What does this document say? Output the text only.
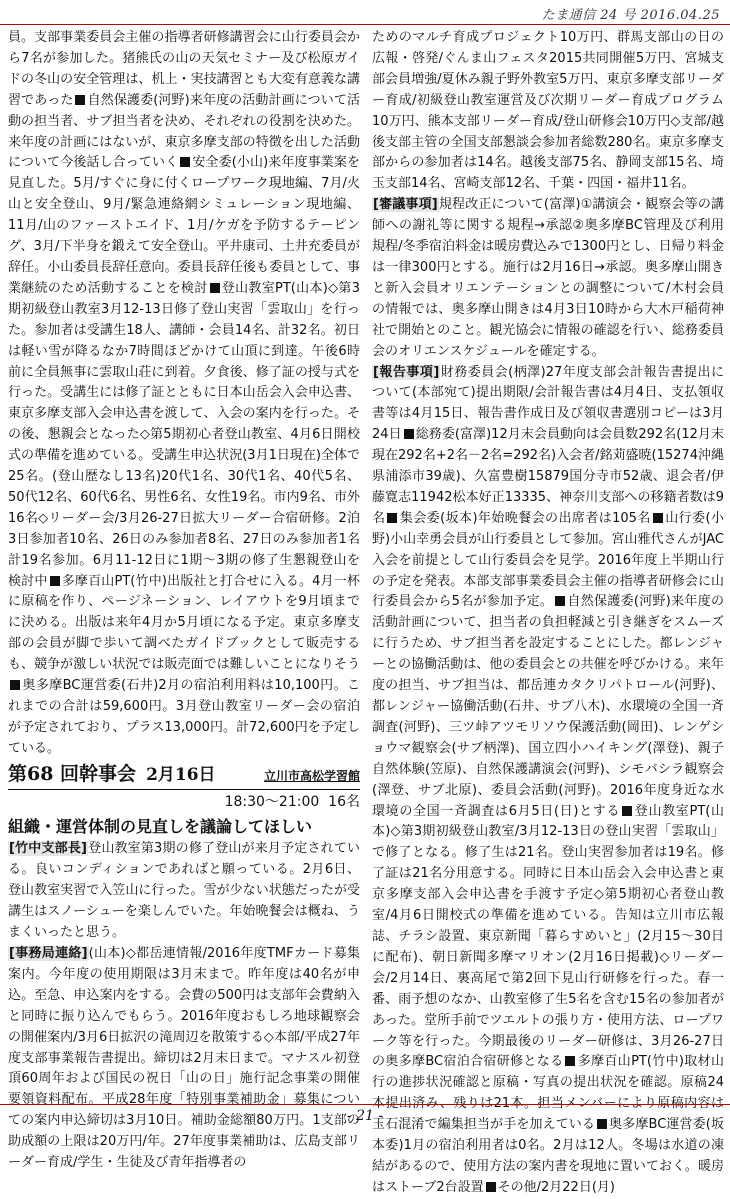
たま通信 24 号 2016.04.25

員。支部事業委員会主催の指導者研修講習会に山行委員会から7名が参加した。猪熊氏の山の天気セミナー及び松原ガイドの冬山の安全管理は、机上・実技講習とも大変有意義な講習であった 自然保護委(河野)来年度の活動計画について活動の担当者、サブ担当者を決め、それぞれの役割を決めた。来年度の計画にはないが、東京多摩支部の特徴を出した活動について今後話し合っていく 安全委(小山)来年度事業案を見直した。5月/すぐに身に付くロープワーク現地編、7月/火山と安全登山、9月/緊急連絡網シミュレーション現地編、11月/山のファーストエイド、1月/ケガを予防するテーピング、3月/下半身を鍛えて安全登山。平井康司、土井充委員が辞任。小山委員長辞任意向。委員長辞任後も委員として、事業継続のため活動することを検討 登山教室PT(山本)◇第3期初級登山教室3月12-13日修了登山実習「雲取山」を行った。参加者は受講生18人、講師・会員14名、計32名。初日は軽い雪が降るなか7時間ほどかけて山頂に到達。午後6時前に全員無事に雲取山荘に到着。夕食後、修了証の授与式を行った。受講生には修了証とともに日本山岳会入会申込書、東京多摩支部入会申込書を渡して、入会の案内を行った。その後、懇親会となった◇第5期初心者登山教室、4月6日開校式の準備を進めている。受講生申込状況(3月1日現在)全体で25名。(登山歴なし13名)20代1名、30代1名、40代5名、50代12名、60代6名、男性6名、女性19名。市内9名、市外16名◇リーダー会/3月26-27日拡大リーダー合宿研修。2泊3日参加者10名、26日のみ参加者8名、27日のみ参加者1名計19名参加。6月11-12日に1期～3期の修了生懇親登山を検討中 多摩百山PT(竹中)出版社と打合せに入る。4月一杯に原稿を作り、ページネーション、レイアウトを9月頃までに決める。出版は来年4月か5月頃になる予定。東京多摩支部の会員が脚で歩いて調べたガイドブックとして販売するも、競争が激しい状況では販売面では難しいことになりそう奥多摩BC運営委(石井)2月の宿泊利用料は10,100円。これまでの合計は59,600円。3月登山教室リーダー会の宿泊が予定されており、プラス13,000円。計72,600円を予定している。

第68 回幹事会 2月16日	立川市高松学習館
18:30～21:00 16名
組織・運営体制の見直しを議論してほしい

[竹中支部長]登山教室第3期の修了登山が来月予定されている。良いコンディションであればと願っている。2月6日、登山教室実習で入笠山に行った。雪が少ない状態だったが受講生はスノーシューを楽しんでいた。年始晩餐会は概ね、うまくいったと思う。

[事務局連絡](山本)◇都岳連情報/2016年度TMFカード募集案内。今年度の使用期限は3月末まで。昨年度は40名が申込。至急、申込案内をする。会費の500円は支部年会費納入と同時に振り込んでもらう。2016年度おもしろ地球観察会の開催案内/3月6日拡沢の滝周辺を散策する◇本部/平成27年度支部事業報告書提出。締切は2月末日まで。マナスル初登頂60周年および国民の祝日「山の日」施行記念事業の開催要領資料配布。平成28年度「特別事業補助金」募集についての案内申込締切は3月10日。補助金総額80万円。1支部の助成額の上限は20万円/年。27年度事業補助は、広島支部リーダー育成/学生・生徒及び青年指導者の

ためのマルチ育成プロジェクト10万円、群馬支部山の日の広報・啓発/ぐんま山フェスタ2015共同開催5万円、宮城支部会員増強/夏休み親子野外教室5万円、東京多摩支部リーダー育成/初級登山教室運営及び次期リーダー育成プログラム10万円、熊本支部リーダー育成/登山研修会10万円◇支部/越後支部主管の全国支部懇談会参加者総数280名。東京多摩支部からの参加者は14名。越後支部75名、静岡支部15名、埼玉支部14名、宮崎支部12名、千葉・四国・福井11名。

[審議事項]規程改正について(富澤)①講演会・観察会等の講師への謝礼等に関する規程→承認②奥多摩BC管理及び利用規程/冬季宿泊料金は暖房費込みで1300円とし、日帰り料金は一律300円とする。施行は2月16日→承認。奥多摩山開きと新入会員オリエンテーションとの調整について/木村会員の情報では、奥多摩山開きは4月3日10時から大木戸稲荷神社で開始とのこと。観光協会に情報の確認を行い、総務委員会のオリエンスケジュールを確定する。

[報告事項]財務委員会(柄澤)27年度支部会計報告書提出について(本部宛て)提出期限/会計報告書は4月4日、支払領収書等は4月15日、報告書作成日及び領収書選別コピーは3月24日 総務委(富澤)12月末会員動向は会員数292名(12月末現在292名+2名－2名=292名)入会者/銘苅盛暁(15274沖縄県浦添市39歳)、久富豊樹15879国分寺市52歳、退会者/伊藤寛志11942松本好正13335、神奈川支部への移籍者数は9名 集会委(坂本)年始晩餐会の出席者は105名 山行委(小野)小山幸勇会員が山行委員として参加。宮山雅代さんがJAC入会を前提として山行委員会を見学。2016年度上半期山行の予定を発表。本部支部事業委員会主催の指導者研修会に山行委員会から5名が参加予定。 自然保護委(河野)来年度の活動計画について、担当者の負担軽減と引き継ぎをスムーズに行うため、サブ担当者を設定することにした。都レンジャーとの協働活動は、他の委員会との共催を呼びかける。来年度の担当、サブ担当は、都岳連カタクリパトロール(河野)、都レンジャー協働活動(石井、サブ八木)、水環境の全国一斉調査(河野)、三ツ峠アツモリソウ保護活動(岡田)、レンゲショウマ観察会(サブ柄澤)、国立四小ハイキング(澤登)、親子自然体験(笠原)、自然保護講演会(河野)、シモバシラ観察会(澤登、サブ北原)、委員会活動(河野)。2016年度身近な水環境の全国一斉調査は6月5日(日)とする 登山教室PT(山本)◇第3期初級登山教室/3月12-13日の登山実習「雲取山」で修了となる。修了生は21名。登山実習参加者は19名。修了証は21名分用意する。同時に日本山岳会入会申込書と東京多摩支部入会申込書を手渡す予定◇第5期初心者登山教室/4月6日開校式の準備を進めている。告知は立川市広報誌、チラシ設置、東京新聞「暮らすめいと」(2月15～30日に配布)、朝日新聞多摩マリオン(2月16日掲載)◇リーダー会/2月14日、裏高尾で第2回下見山行研修を行った。春一番、雨予想のなか、山教室修了生5名を含む15名の参加者があった。堂所手前でツエルトの張り方・使用方法、ロープワーク等を行った。今期最後のリーダー研修は、3月26-27日の奥多摩BC宿泊合宿研修となる 多摩百山PT(竹中)取材山行の進捗状況確認と原稿・写真の提出状況を確認。原稿24本提出済み、残りは21本。担当メンバーにより原稿内容は玉石混淆で編集担当が手を加えている 奥多摩BC運営委(坂本委)1月の宿泊利用者は0名。2月は12人。冬場は水道の凍結があるので、使用方法の案内書を現地に置いておく。暖房はストーブ2台設置 その他/2月22日(月)

- 21 -
